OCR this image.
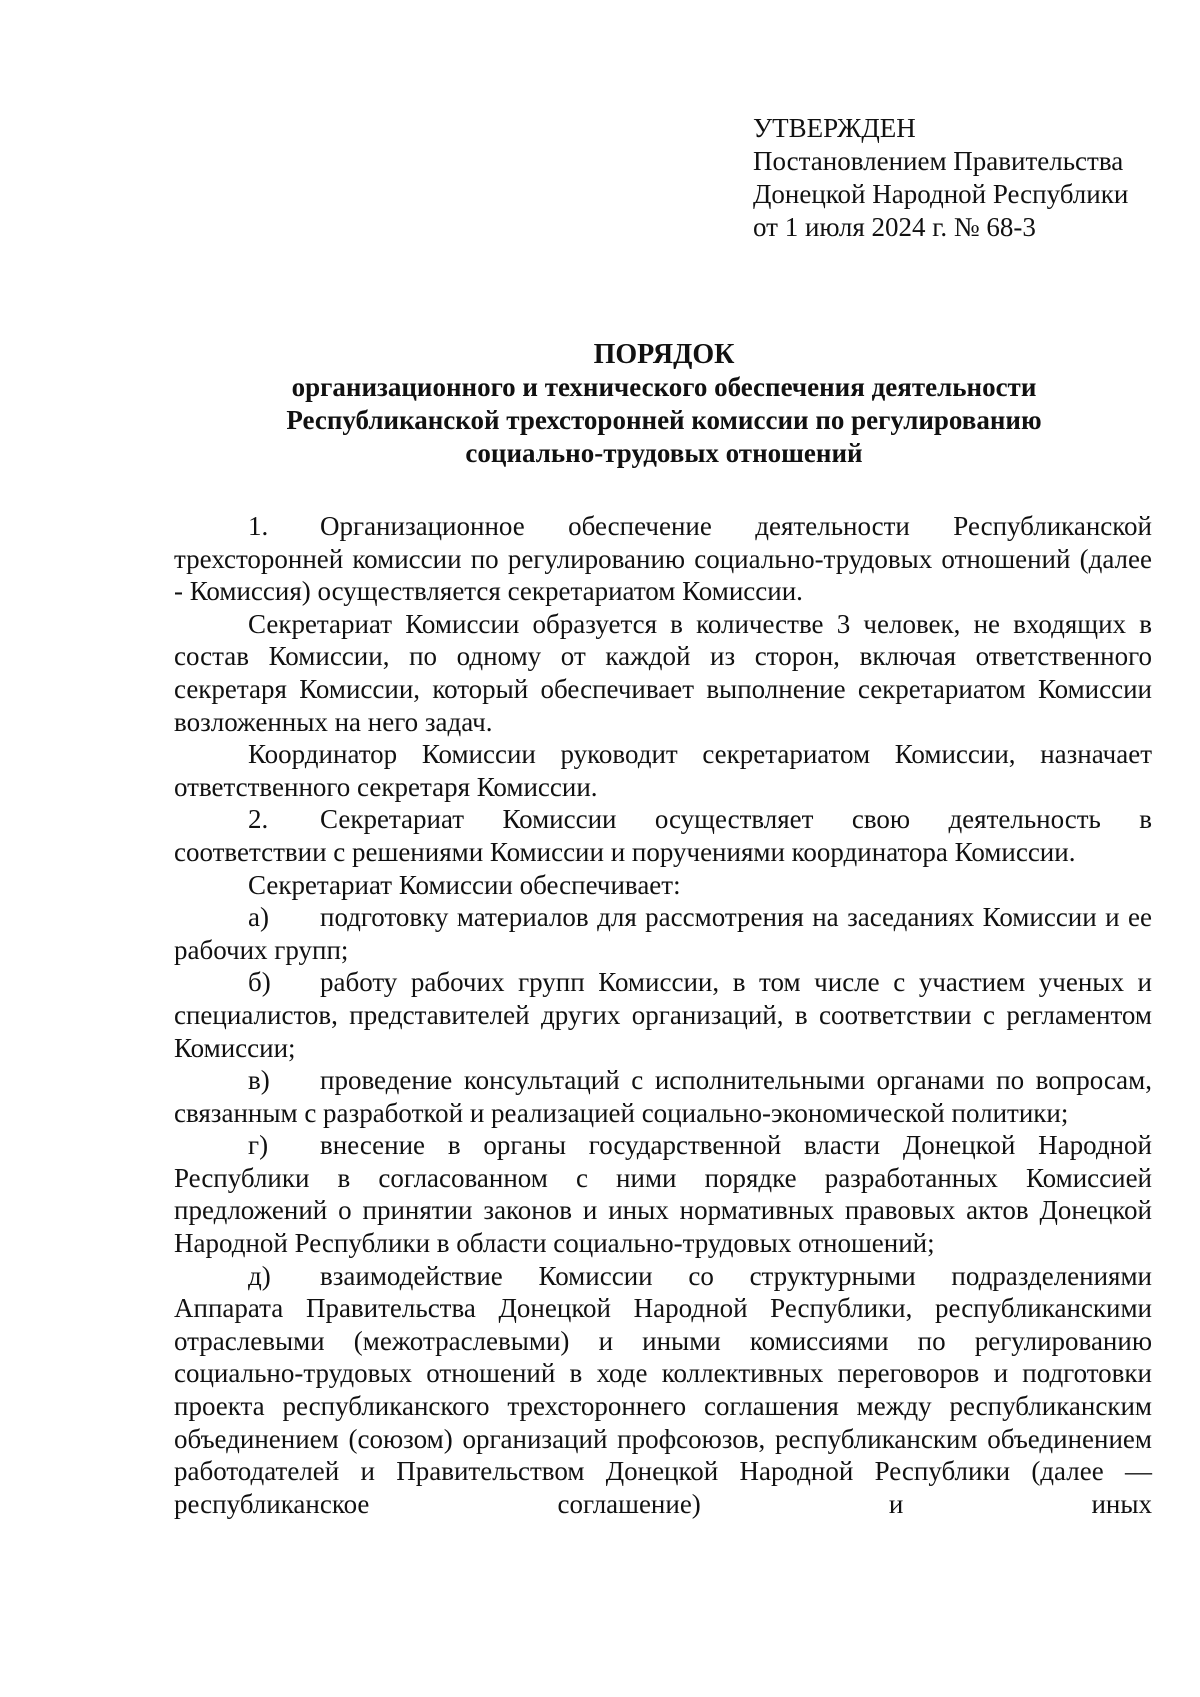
УТВЕРЖДЕН

Постановлением Правительства

Донецкой Народной Республики

от 1 июля 2024 г. № 68-3

ПОРЯДОК

организационного и технического обеспечения деятельности

Республиканской трехсторонней комиссии по регулированию

социально-трудовых отношений

1. Организационное обеспечение деятельности Республиканской трехсторонней комиссии по регулированию социально-трудовых отношений (далее - Комиссия) осуществляется секретариатом Комиссии.

Секретариат Комиссии образуется в количестве 3 человек, не входящих в состав Комиссии, по одному от каждой из сторон, включая ответственного секретаря Комиссии, который обеспечивает выполнение секретариатом Комиссии возложенных на него задач.

Координатор Комиссии руководит секретариатом Комиссии, назначает ответственного секретаря Комиссии.

2. Секретариат Комиссии осуществляет свою деятельность в соответствии с решениями Комиссии и поручениями координатора Комиссии.

Секретариат Комиссии обеспечивает:

а) подготовку материалов для рассмотрения на заседаниях Комиссии и ее рабочих групп;

б) работу рабочих групп Комиссии, в том числе с участием ученых и специалистов, представителей других организаций, в соответствии с регламентом Комиссии;

в) проведение консультаций с исполнительными органами по вопросам, связанным с разработкой и реализацией социально-экономической политики;

г) внесение в органы государственной власти Донецкой Народной Республики в согласованном с ними порядке разработанных Комиссией предложений о принятии законов и иных нормативных правовых актов Донецкой Народной Республики в области социально-трудовых отношений;

д) взаимодействие Комиссии со структурными подразделениями Аппарата Правительства Донецкой Народной Республики, республиканскими отраслевыми (межотраслевыми) и иными комиссиями по регулированию социально-трудовых отношений в ходе коллективных переговоров и подготовки проекта республиканского трехстороннего соглашения между республиканским объединением (союзом) организаций профсоюзов, республиканским объединением работодателей и Правительством Донецкой Народной Республики (далее — республиканское соглашение) и иных
